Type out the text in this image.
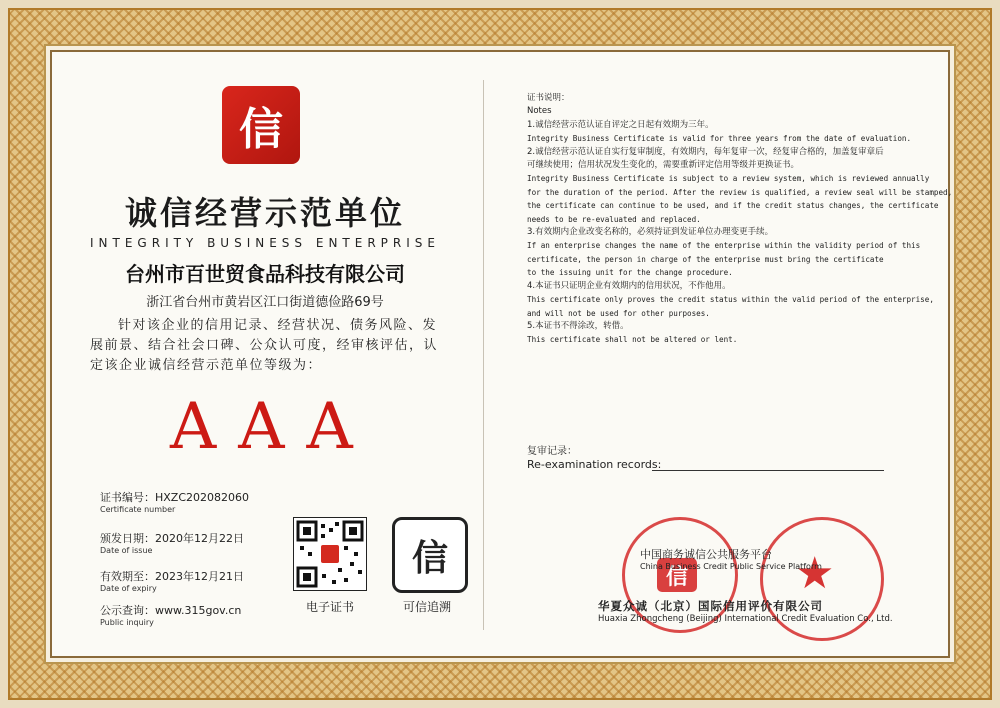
信
诚信经营示范单位
INTEGRITY BUSINESS ENTERPRISE
台州市百世贸食品科技有限公司
浙江省台州市黄岩区江口街道德俭路69号
针对该企业的信用记录、经营状况、债务风险、发展前景、结合社会口碑、公众认可度，经审核评估，认定该企业诚信经营示范单位等级为：
AAA
证书编号：HXZC202082060
Certificate number
颁发日期：2020年12月22日
Date of issue
有效期至：2023年12月21日
Date of expiry
公示查询：www.315gov.cn
Public inquiry
电子证书
信
可信追溯

证书说明：

Notes

1.诚信经营示范认证自评定之日起有效期为三年。

Integrity Business Certificate is valid for three years from the date of evaluation.

2.诚信经营示范认证自实行复审制度，有效期内，每年复审一次，经复审合格的，加盖复审章后

可继续使用；信用状况发生变化的，需要重新评定信用等级并更换证书。

Integrity Business Certificate is subject to a review system, which is reviewed annually

for the duration of the period. After the review is qualified, a review seal will be stamped,

the certificate can continue to be used, and if the credit status changes, the certificate

needs to be re-evaluated and replaced.

3.有效期内企业改变名称的，必须持证到发证单位办理变更手续。

If an enterprise changes the name of the enterprise within the validity period of this

certificate, the person in charge of the enterprise must bring the certificate

to the issuing unit for the change procedure.

4.本证书只证明企业有效期内的信用状况，不作他用。

This certificate only proves the credit status within the valid period of the enterprise,

and will not be used for other purposes.

5.本证书不得涂改，转借。

This certificate shall not be altered or lent.

复审记录：
Re-examination records:
信 ★
中国商务诚信公共服务平台
China Business Credit Public Service Platform
华夏众诚（北京）国际信用评价有限公司
Huaxia Zhongcheng (Beijing) International Credit Evaluation Co., Ltd.
